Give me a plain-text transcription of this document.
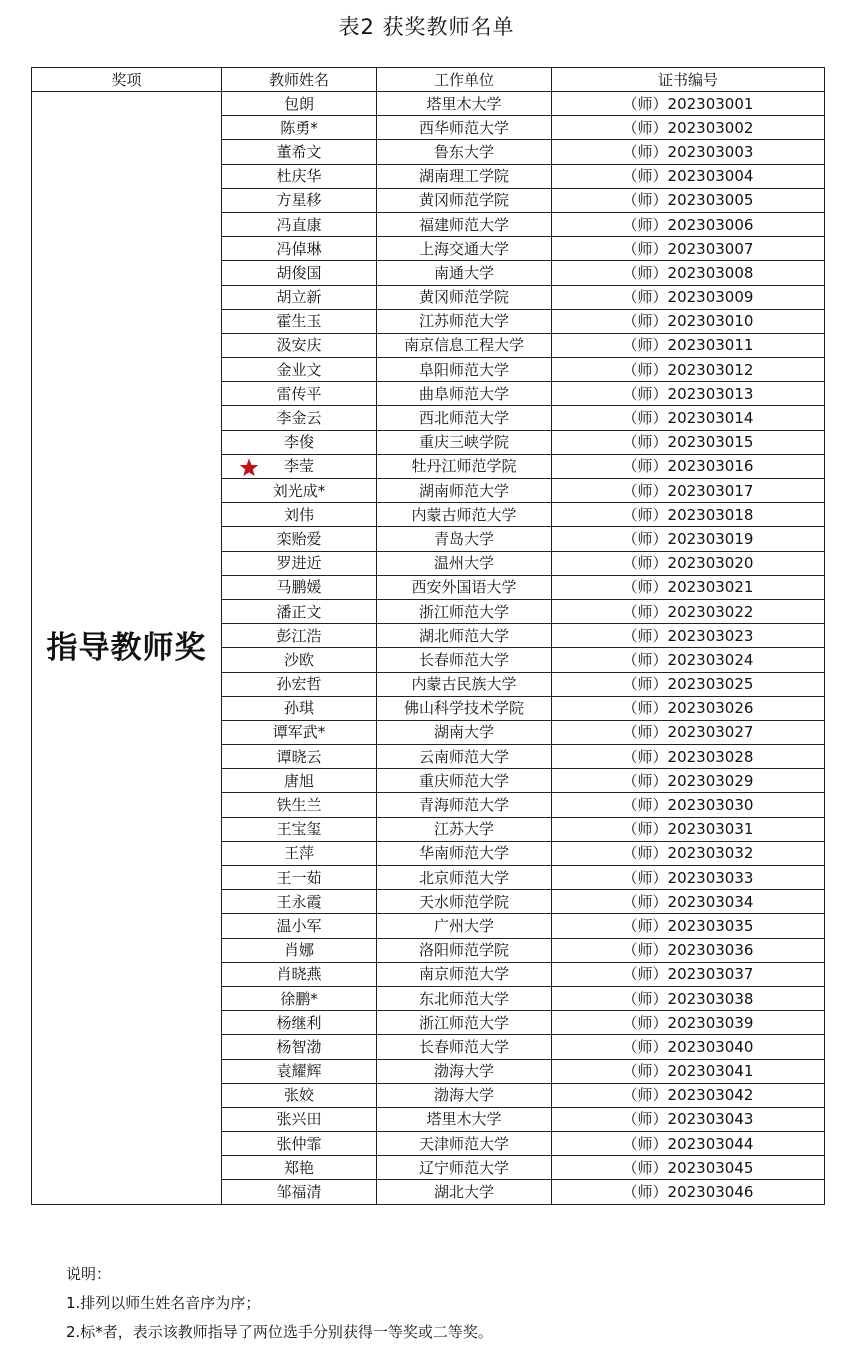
表2 获奖教师名单
奖项	教师姓名	工作单位	证书编号
指导教师奖	包朗	塔里木大学	（师）202303001
	陈勇*	西华师范大学	（师）202303002
	董希文	鲁东大学	（师）202303003
	杜庆华	湖南理工学院	（师）202303004
	方星移	黄冈师范学院	（师）202303005
	冯直康	福建师范大学	（师）202303006
	冯倬琳	上海交通大学	（师）202303007
	胡俊国	南通大学	（师）202303008
	胡立新	黄冈师范学院	（师）202303009
	霍生玉	江苏师范大学	（师）202303010
	汲安庆	南京信息工程大学	（师）202303011
	金业文	阜阳师范大学	（师）202303012
	雷传平	曲阜师范大学	（师）202303013
	李金云	西北师范大学	（师）202303014
	李俊	重庆三峡学院	（师）202303015
	李莹	牡丹江师范学院	（师）202303016
	刘光成*	湖南师范大学	（师）202303017
	刘伟	内蒙古师范大学	（师）202303018
	栾贻爱	青岛大学	（师）202303019
	罗进近	温州大学	（师）202303020
	马鹏媛	西安外国语大学	（师）202303021
	潘正文	浙江师范大学	（师）202303022
	彭江浩	湖北师范大学	（师）202303023
	沙欧	长春师范大学	（师）202303024
	孙宏哲	内蒙古民族大学	（师）202303025
	孙琪	佛山科学技术学院	（师）202303026
	谭军武*	湖南大学	（师）202303027
	谭晓云	云南师范大学	（师）202303028
	唐旭	重庆师范大学	（师）202303029
	铁生兰	青海师范大学	（师）202303030
	王宝玺	江苏大学	（师）202303031
	王萍	华南师范大学	（师）202303032
	王一茹	北京师范大学	（师）202303033
	王永霞	天水师范学院	（师）202303034
	温小军	广州大学	（师）202303035
	肖娜	洛阳师范学院	（师）202303036
	肖晓燕	南京师范大学	（师）202303037
	徐鹏*	东北师范大学	（师）202303038
	杨继利	浙江师范大学	（师）202303039
	杨智渤	长春师范大学	（师）202303040
	袁耀辉	渤海大学	（师）202303041
	张姣	渤海大学	（师）202303042
	张兴田	塔里木大学	（师）202303043
	张仲霏	天津师范大学	（师）202303044
	郑艳	辽宁师范大学	（师）202303045
	邹福清	湖北大学	（师）202303046
说明：
1.排列以师生姓名音序为序；
2.标*者，表示该教师指导了两位选手分别获得一等奖或二等奖。
